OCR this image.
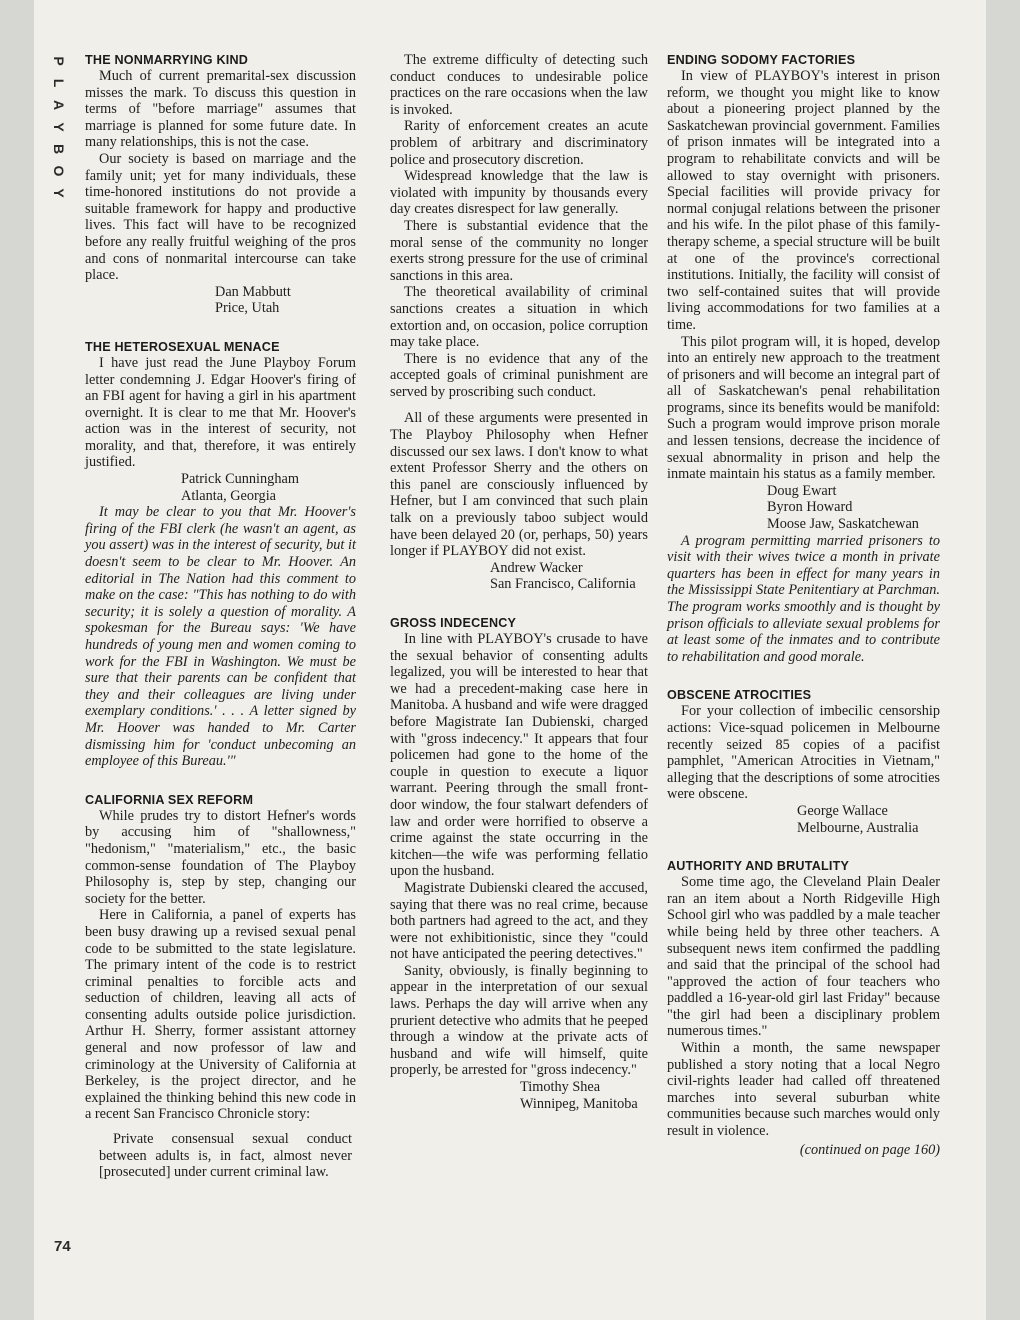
P
L
A
Y
B
O
Y
THE NONMARRYING KIND

Much of current premarital-sex discussion misses the mark. To discuss this question in terms of "before marriage" assumes that marriage is planned for some future date. In many relationships, this is not the case.

Our society is based on marriage and the family unit; yet for many individuals, these time-honored institutions do not provide a suitable framework for happy and productive lives. This fact will have to be recognized before any really fruitful weighing of the pros and cons of nonmarital intercourse can take place.

Dan Mabbutt
Price, Utah
THE HETEROSEXUAL MENACE

I have just read the June Playboy Forum letter condemning J. Edgar Hoover's firing of an FBI agent for having a girl in his apartment overnight. It is clear to me that Mr. Hoover's action was in the interest of security, not morality, and that, therefore, it was entirely justified.

Patrick Cunningham
Atlanta, Georgia

It may be clear to you that Mr. Hoover's firing of the FBI clerk (he wasn't an agent, as you assert) was in the interest of security, but it doesn't seem to be clear to Mr. Hoover. An editorial in The Nation had this comment to make on the case: "This has nothing to do with security; it is solely a question of morality. A spokesman for the Bureau says: 'We have hundreds of young men and women coming to work for the FBI in Washington. We must be sure that their parents can be confident that they and their colleagues are living under exemplary conditions.' . . . A letter signed by Mr. Hoover was handed to Mr. Carter dismissing him for 'conduct unbecoming an employee of this Bureau.'"

CALIFORNIA SEX REFORM

While prudes try to distort Hefner's words by accusing him of "shallowness," "hedonism," "materialism," etc., the basic common-sense foundation of The Playboy Philosophy is, step by step, changing our society for the better.

Here in California, a panel of experts has been busy drawing up a revised sexual penal code to be submitted to the state legislature. The primary intent of the code is to restrict criminal penalties to forcible acts and seduction of children, leaving all acts of consenting adults outside police jurisdiction. Arthur H. Sherry, former assistant attorney general and now professor of law and criminology at the University of California at Berkeley, is the project director, and he explained the thinking behind this new code in a recent San Francisco Chronicle story:

Private consensual sexual conduct between adults is, in fact, almost never [prosecuted] under current criminal law.

The extreme difficulty of detecting such conduct conduces to undesirable police practices on the rare occasions when the law is invoked.

Rarity of enforcement creates an acute problem of arbitrary and discriminatory police and prosecutory discretion.

Widespread knowledge that the law is violated with impunity by thousands every day creates disrespect for law generally.

There is substantial evidence that the moral sense of the community no longer exerts strong pressure for the use of criminal sanctions in this area.

The theoretical availability of criminal sanctions creates a situation in which extortion and, on occasion, police corruption may take place.

There is no evidence that any of the accepted goals of criminal punishment are served by proscribing such conduct.

All of these arguments were presented in The Playboy Philosophy when Hefner discussed our sex laws. I don't know to what extent Professor Sherry and the others on this panel are consciously influenced by Hefner, but I am convinced that such plain talk on a previously taboo subject would have been delayed 20 (or, perhaps, 50) years longer if PLAYBOY did not exist.

Andrew Wacker
San Francisco, California
GROSS INDECENCY

In line with PLAYBOY's crusade to have the sexual behavior of consenting adults legalized, you will be interested to hear that we had a precedent-making case here in Manitoba. A husband and wife were dragged before Magistrate Ian Dubienski, charged with "gross indecency." It appears that four policemen had gone to the home of the couple in question to execute a liquor warrant. Peering through the small front-door window, the four stalwart defenders of law and order were horrified to observe a crime against the state occurring in the kitchen—the wife was performing fellatio upon the husband.

Magistrate Dubienski cleared the accused, saying that there was no real crime, because both partners had agreed to the act, and they were not exhibitionistic, since they "could not have anticipated the peering detectives."

Sanity, obviously, is finally beginning to appear in the interpretation of our sexual laws. Perhaps the day will arrive when any prurient detective who admits that he peeped through a window at the private acts of husband and wife will himself, quite properly, be arrested for "gross indecency."

Timothy Shea
Winnipeg, Manitoba
ENDING SODOMY FACTORIES

In view of PLAYBOY's interest in prison reform, we thought you might like to know about a pioneering project planned by the Saskatchewan provincial government. Families of prison inmates will be integrated into a program to rehabilitate convicts and will be allowed to stay overnight with prisoners. Special facilities will provide privacy for normal conjugal relations between the prisoner and his wife. In the pilot phase of this family-therapy scheme, a special structure will be built at one of the province's correctional institutions. Initially, the facility will consist of two self-contained suites that will provide living accommodations for two families at a time.

This pilot program will, it is hoped, develop into an entirely new approach to the treatment of prisoners and will become an integral part of all of Saskatchewan's penal rehabilitation programs, since its benefits would be manifold: Such a program would improve prison morale and lessen tensions, decrease the incidence of sexual abnormality in prison and help the inmate maintain his status as a family member.

Doug Ewart
Byron Howard
Moose Jaw, Saskatchewan

A program permitting married prisoners to visit with their wives twice a month in private quarters has been in effect for many years in the Mississippi State Penitentiary at Parchman. The program works smoothly and is thought by prison officials to alleviate sexual problems for at least some of the inmates and to contribute to rehabilitation and good morale.

OBSCENE ATROCITIES

For your collection of imbecilic censorship actions: Vice-squad policemen in Melbourne recently seized 85 copies of a pacifist pamphlet, "American Atrocities in Vietnam," alleging that the descriptions of some atrocities were obscene.

George Wallace
Melbourne, Australia
AUTHORITY AND BRUTALITY

Some time ago, the Cleveland Plain Dealer ran an item about a North Ridgeville High School girl who was paddled by a male teacher while being held by three other teachers. A subsequent news item confirmed the paddling and said that the principal of the school had "approved the action of four teachers who paddled a 16-year-old girl last Friday" because "the girl had been a disciplinary problem numerous times."

Within a month, the same newspaper published a story noting that a local Negro civil-rights leader had called off threatened marches into several suburban white communities because such marches would only result in violence.

(continued on page 160)
74
